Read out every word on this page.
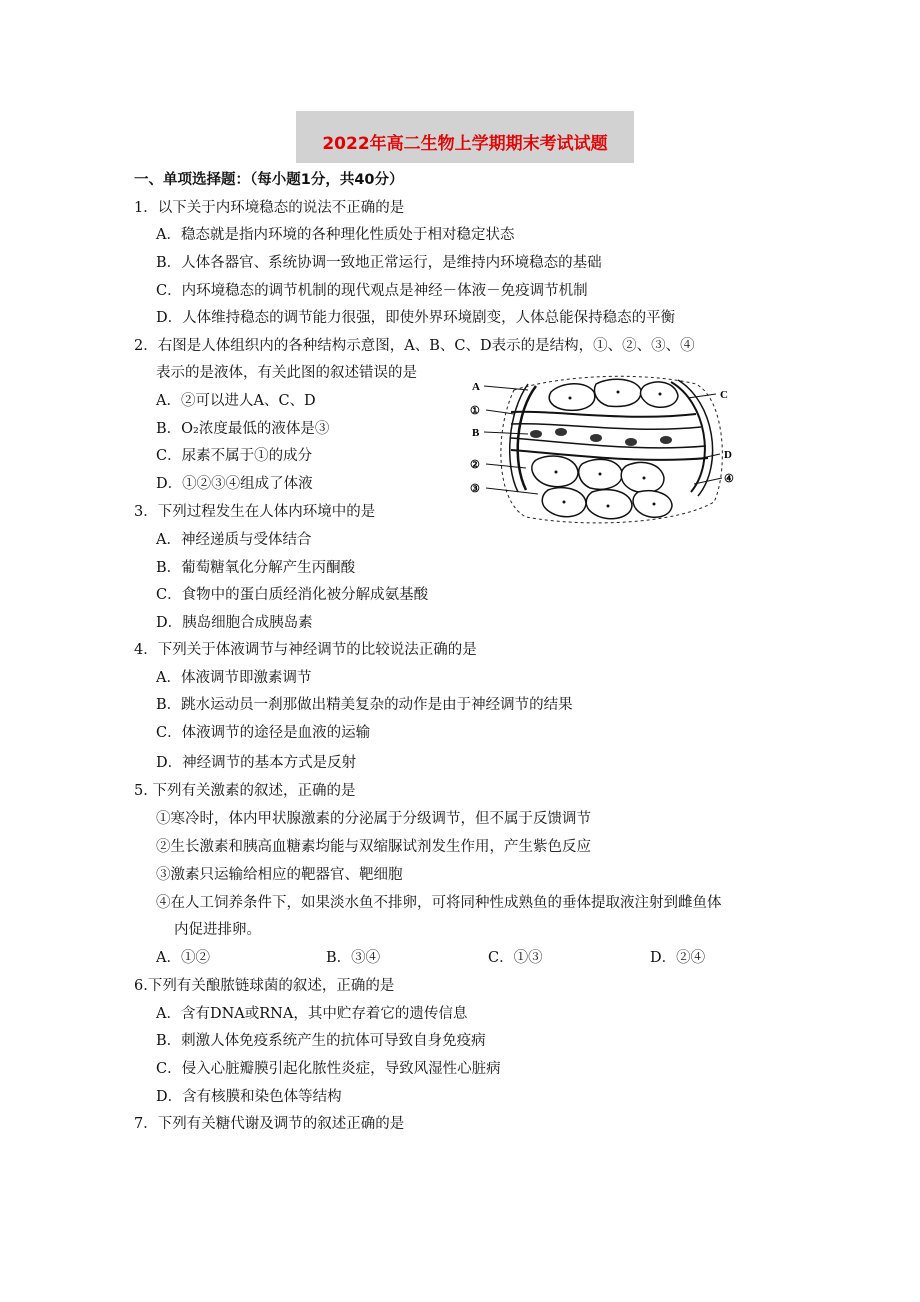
2022年高二生物上学期期末考试试题
一、单项选择题：（每小题1分，共40分）
1．以下关于内环境稳态的说法不正确的是
A．稳态就是指内环境的各种理化性质处于相对稳定状态
B．人体各器官、系统协调一致地正常运行，是维持内环境稳态的基础
C．内环境稳态的调节机制的现代观点是神经－体液－免疫调节机制
D．人体维持稳态的调节能力很强，即使外界环境剧变，人体总能保持稳态的平衡
2．右图是人体组织内的各种结构示意图，A、B、C、D表示的是结构，①、②、③、④
表示的是液体，有关此图的叙述错误的是
A．②可以进人A、C、D
B．O₂浓度最低的液体是③
C．尿素不属于①的成分
D．①②③④组成了体液
A
①
B
②
③
C
D
④
3．下列过程发生在人体内环境中的是
A．神经递质与受体结合
B．葡萄糖氧化分解产生丙酮酸
C．食物中的蛋白质经消化被分解成氨基酸
D．胰岛细胞合成胰岛素
4．下列关于体液调节与神经调节的比较说法正确的是
A．体液调节即激素调节
B．跳水运动员一刹那做出精美复杂的动作是由于神经调节的结果
C．体液调节的途径是血液的运输
D．神经调节的基本方式是反射
5. 下列有关激素的叙述，正确的是
①寒冷时，体内甲状腺激素的分泌属于分级调节，但不属于反馈调节
②生长激素和胰高血糖素均能与双缩脲试剂发生作用，产生紫色反应
③激素只运输给相应的靶器官、靶细胞
④在人工饲养条件下，如果淡水鱼不排卵，可将同种性成熟鱼的垂体提取液注射到雌鱼体
内促进排卵。
A．①②	B．③④	C．①③	D．②④
6.下列有关酿脓链球菌的叙述，正确的是
A．含有DNA或RNA，其中贮存着它的遗传信息
B．刺激人体免疫系统产生的抗体可导致自身免疫病
C．侵入心脏瓣膜引起化脓性炎症，导致风湿性心脏病
D．含有核膜和染色体等结构
7．下列有关糖代谢及调节的叙述正确的是
